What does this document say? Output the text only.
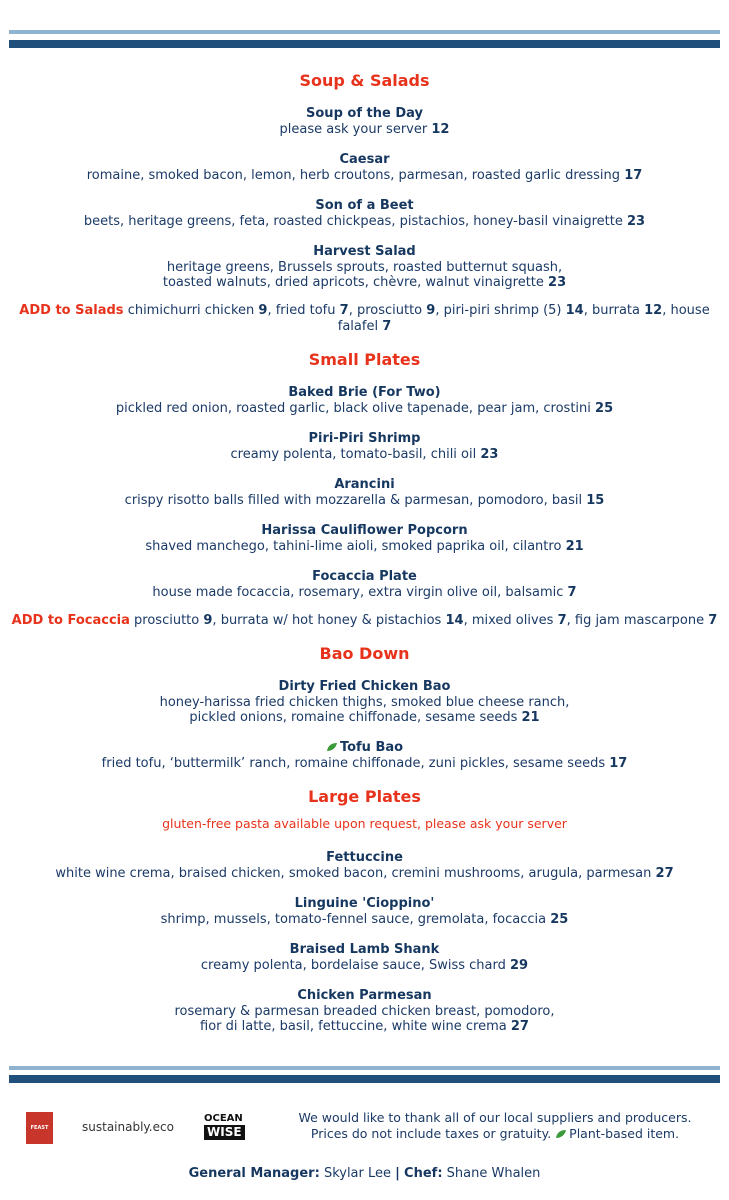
Soup & Salads
Soup of the Day
please ask your server 12
Caesar
romaine, smoked bacon, lemon, herb croutons, parmesan, roasted garlic dressing 17
Son of a Beet
beets, heritage greens, feta, roasted chickpeas, pistachios, honey-basil vinaigrette 23
Harvest Salad
heritage greens, Brussels sprouts, roasted butternut squash,
toasted walnuts, dried apricots, chèvre, walnut vinaigrette 23
ADD to Salads chimichurri chicken 9, fried tofu 7, prosciutto 9, piri-piri shrimp (5) 14, burrata 12, house falafel 7
Small Plates
Baked Brie (For Two)
pickled red onion, roasted garlic, black olive tapenade, pear jam, crostini 25
Piri-Piri Shrimp
creamy polenta, tomato-basil, chili oil 23
Arancini
crispy risotto balls filled with mozzarella & parmesan, pomodoro, basil 15
Harissa Cauliflower Popcorn
shaved manchego, tahini-lime aioli, smoked paprika oil, cilantro 21
Focaccia Plate
house made focaccia, rosemary, extra virgin olive oil, balsamic 7
ADD to Focaccia prosciutto 9, burrata w/ hot honey & pistachios 14, mixed olives 7, fig jam mascarpone 7
Bao Down
Dirty Fried Chicken Bao
honey-harissa fried chicken thighs, smoked blue cheese ranch,
pickled onions, romaine chiffonade, sesame seeds 21
Tofu Bao
fried tofu, ‘buttermilk’ ranch, romaine chiffonade, zuni pickles, sesame seeds 17
Large Plates
gluten-free pasta available upon request, please ask your server
Fettuccine
white wine crema, braised chicken, smoked bacon, cremini mushrooms, arugula, parmesan 27
Linguine 'Cioppino'
shrimp, mussels, tomato-fennel sauce, gremolata, focaccia 25
Braised Lamb Shank
creamy polenta, bordelaise sauce, Swiss chard 29
Chicken Parmesan
rosemary & parmesan breaded chicken breast, pomodoro,
fior di latte, basil, fettuccine, white wine crema 27
FEAST ON
sustainably.eco
OCEAN
WISE
We would like to thank all of our local suppliers and producers.
Prices do not include taxes or gratuity. Plant-based item.
General Manager: Skylar Lee | Chef: Shane Whalen
